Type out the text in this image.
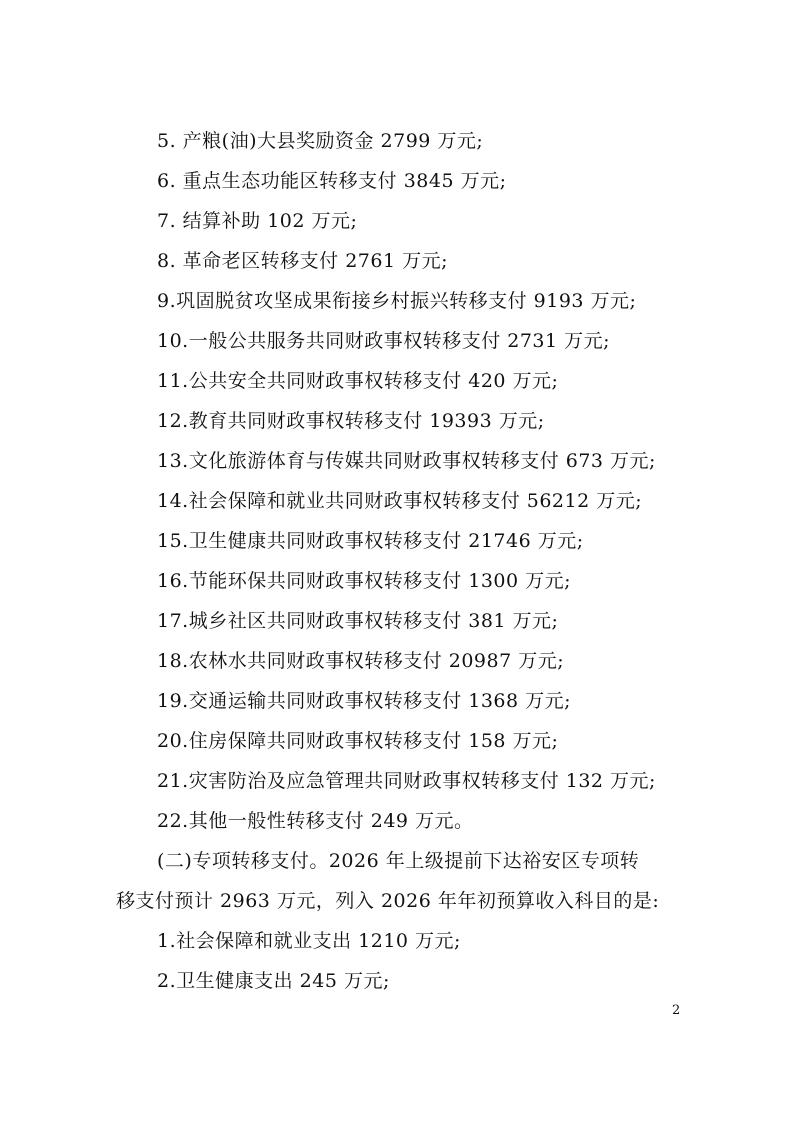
5. 产粮(油)大县奖励资金 2799 万元;
6. 重点生态功能区转移支付 3845 万元;
7. 结算补助 102 万元;
8. 革命老区转移支付 2761 万元;
9.巩固脱贫攻坚成果衔接乡村振兴转移支付 9193 万元;
10.一般公共服务共同财政事权转移支付 2731 万元;
11.公共安全共同财政事权转移支付 420 万元;
12.教育共同财政事权转移支付 19393 万元;
13.文化旅游体育与传媒共同财政事权转移支付 673 万元;
14.社会保障和就业共同财政事权转移支付 56212 万元;
15.卫生健康共同财政事权转移支付 21746 万元;
16.节能环保共同财政事权转移支付 1300 万元;
17.城乡社区共同财政事权转移支付 381 万元;
18.农林水共同财政事权转移支付 20987 万元;
19.交通运输共同财政事权转移支付 1368 万元;
20.住房保障共同财政事权转移支付 158 万元;
21.灾害防治及应急管理共同财政事权转移支付 132 万元;
22.其他一般性转移支付 249 万元。
(二)专项转移支付。2026 年上级提前下达裕安区专项转
移支付预计 2963 万元，列入 2026 年年初预算收入科目的是:
1.社会保障和就业支出 1210 万元;
2.卫生健康支出 245 万元;
2
